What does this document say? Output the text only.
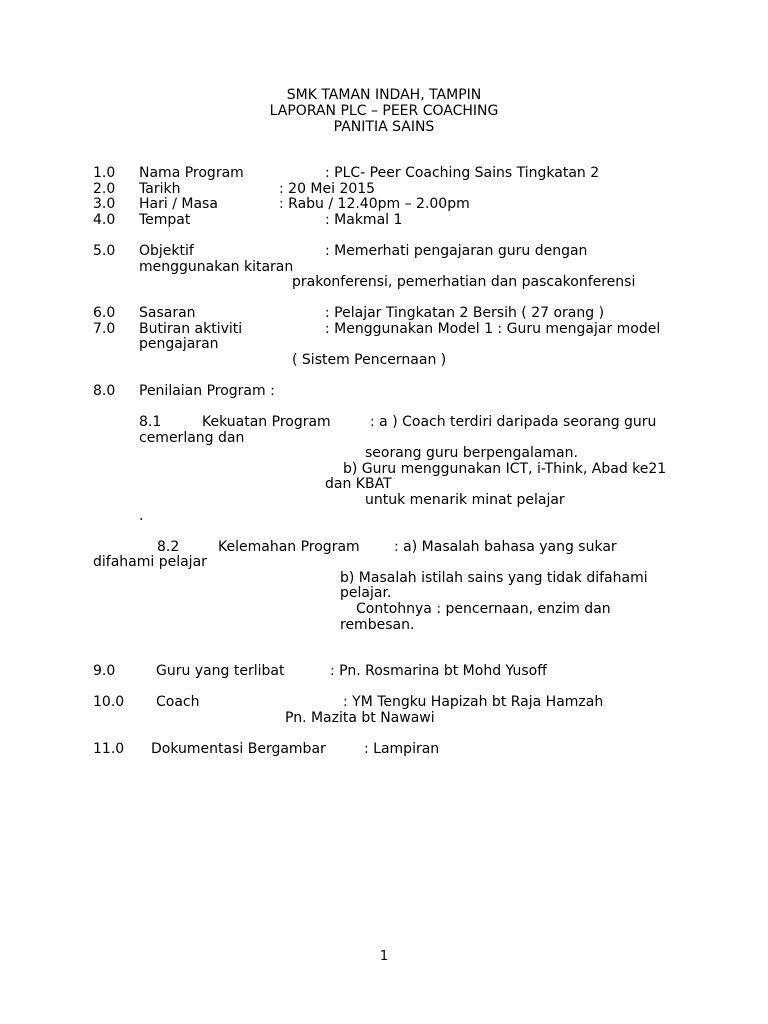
SMK TAMAN INDAH, TAMPIN
LAPORAN PLC – PEER COACHING
PANITIA SAINS
1.0 Nama Program	: PLC- Peer Coaching Sains Tingkatan 2
2.0 Tarikh	: 20 Mei 2015
3.0 Hari / Masa	: Rabu / 12.40pm – 2.00pm
4.0 Tempat	: Makmal 1
5.0 Objektif	: Memerhati pengajaran guru dengan
menggunakan kitaran
prakonferensi, pemerhatian dan pascakonferensi
6.0 Sasaran	: Pelajar Tingkatan 2 Bersih ( 27 orang )
7.0 Butiran aktiviti	: Menggunakan Model 1 : Guru mengajar model
pengajaran
( Sistem Pencernaan )
8.0 Penilaian Program :
8.1	Kekuatan Program	: a ) Coach terdiri daripada seorang guru
cemerlang dan
seorang guru berpengalaman.
b) Guru menggunakan ICT, i-Think, Abad ke21
dan KBAT
untuk menarik minat pelajar
.
8.2	Kelemahan Program : a) Masalah bahasa yang sukar
difahami pelajar
b) Masalah istilah sains yang tidak difahami
pelajar.
Contohnya : pencernaan, enzim dan
rembesan.
9.0	Guru yang terlibat	: Pn. Rosmarina bt Mohd Yusoff
10.0 Coach	: YM Tengku Hapizah bt Raja Hamzah
Pn. Mazita bt Nawawi
11.0 Dokumentasi Bergambar	: Lampiran
1
